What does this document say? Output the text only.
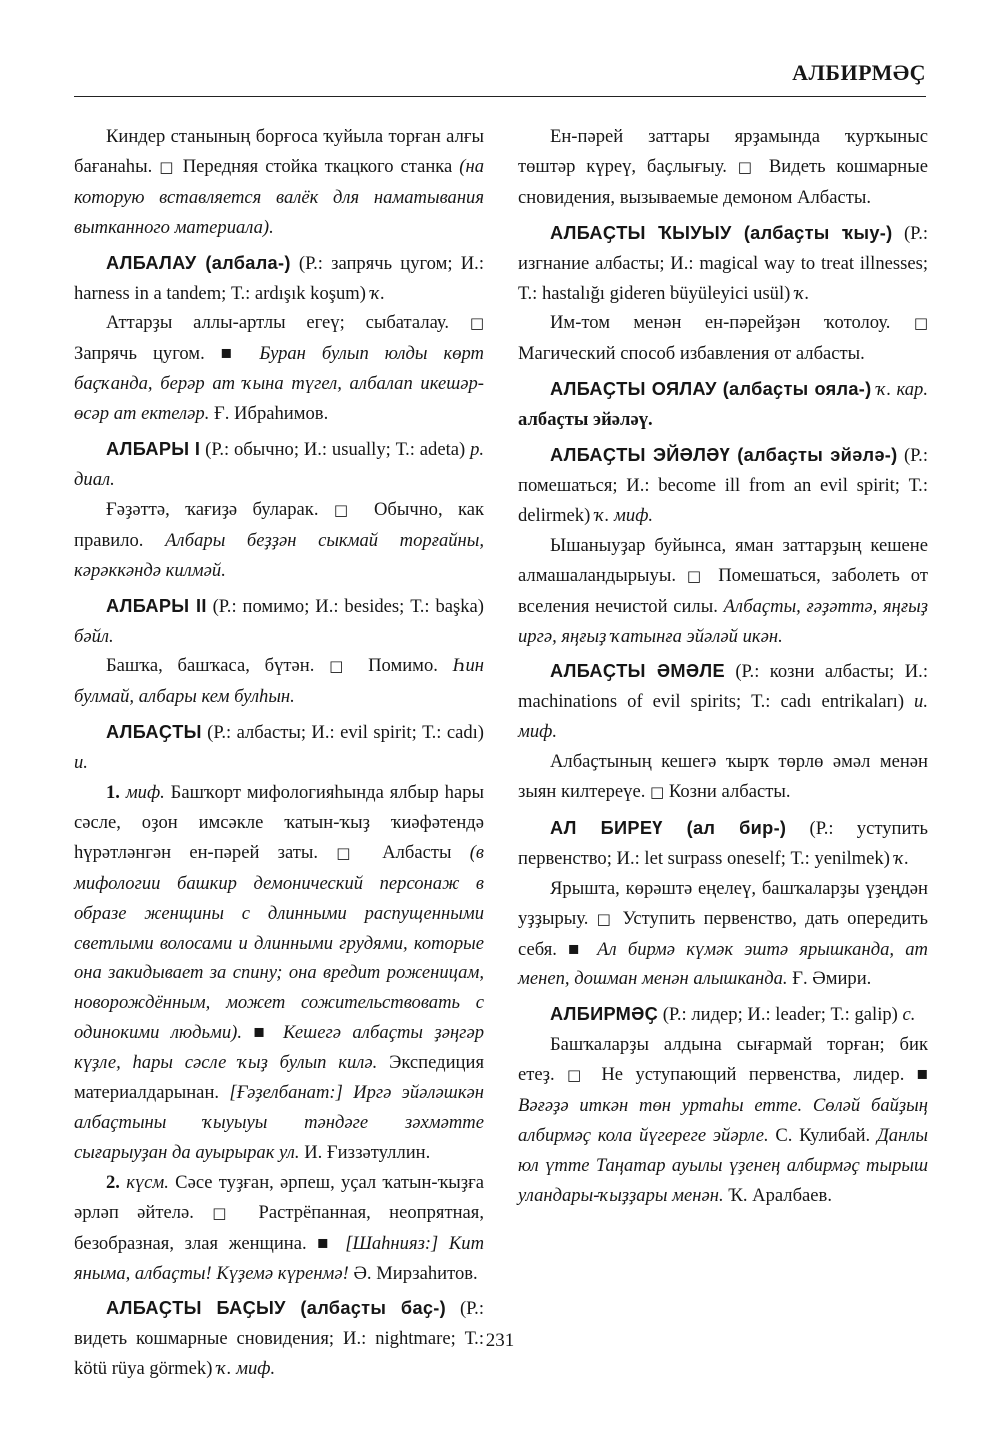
АЛБИРМӘҪ

Киндер станының борғоса ҡуйыла торған алғы бағанаһы. □ Передняя стойка ткацкого станка (на которую вставляется валёк для наматывания вытканного материала).

АЛБАЛАУ (албала-) (Р.: запрячь цугом; И.: harness in a tandem; Т.: ardışık koşum) ҡ.

Аттарҙы аллы-артлы егеү; сыбаталау. □ Запрячь цугом. ■ Буран булып юлды көрт баҫҡанда, берәр ат ҡына түгел, албалап икешәр-өсәр ат ектеләр. Ғ. Ибраһимов.

АЛБАРЫ I (Р.: обычно; И.: usually; Т.: adeta) р. диал.

Ғәҙәттә, ҡағиҙә буларак. □ Обычно, как правило. Албары беҙҙән сыкмай торғайны, кәрәккәндә килмәй.

АЛБАРЫ II (Р.: помимо; И.: besides; Т.: başka) бәйл.

Башҡа, башҡаса, бүтән. □ Помимо. Һин булмай, албары кем булһын.

АЛБАҪТЫ (Р.: албасты; И.: evil spirit; Т.: cadı) и.

1. миф. Башҡорт мифологияһында ялбыр һары сәсле, оҙон имсәкле ҡатын-ҡыҙ ҡиәфәтендә һүрәтләнгән ен-пәрей заты. □ Албасты (в мифологии башкир демонический персонаж в образе женщины с длинными распущенными светлыми волосами и длинными грудями, которые она закидывает за спину; она вредит роженицам, новорождённым, может сожительствовать с одинокими людьми). ■ Кешегә албаҫты ҙәңгәр күҙле, һары сәсле ҡыҙ булып килә. Экспедиция материалдарынан. [Ғәҙелбанат:] Иргә эйәләшкән албаҫтыны ҡыуыуы тәндәге зәхмәтте сығарыуҙан да ауырырак ул. И. Ғиззәтуллин.

2. күсм. Сәсе туҙған, әрпеш, уҫал ҡатын-ҡыҙға әрләп әйтелә. □ Растрёпанная, неопрятная, безобразная, злая женщина. ■ [Шаһнияз:] Кит яныма, албаҫты! Күҙемә күренмә! Ә. Мирзаһитов.

АЛБАҪТЫ БАҪЫУ (албаҫты баҫ-) (Р.: видеть кошмарные сновидения; И.: nightmare; Т.: kötü rüya görmek) ҡ. миф.

Ен-пәрей заттары ярҙамында ҡурҡыныс төштәр күреү, баҫлығыу. □ Видеть кошмарные сновидения, вызываемые демоном Албасты.

АЛБАҪТЫ ҠЫУЫУ (албаҫты ҡыу-) (Р.: изгнание албасты; И.: magical way to treat illnesses; Т.: hastalığı gideren büyüleyici usül) ҡ.

Им-том менән ен-пәрейҙән ҡотолоу. □ Магический способ избавления от албасты.

АЛБАҪТЫ ОЯЛАУ (албаҫты ояла-) ҡ. кар. албаҫты эйәләү.

АЛБАҪТЫ ЭЙӘЛӘҮ (албаҫты эйәлә-) (Р.: помешаться; И.: become ill from an evil spirit; Т.: delirmek) ҡ. миф.

Ышаныуҙар буйынса, яман заттарҙың кешене алмашаландырыуы. □ Помешаться, заболеть от вселения нечистой силы. Албаҫты, ғәҙәттә, яңғыҙ иргә, яңғыҙ ҡатынға эйәләй икән.

АЛБАҪТЫ ӘМӘЛЕ (Р.: козни албасты; И.: machinations of evil spirits; Т.: cadı entrikaları) и. миф.

Албаҫтының кешегә ҡырҡ төрлө әмәл менән зыян килтереүе. □ Козни албасты.

АЛ БИРЕҮ (ал бир-) (Р.: уступить первенство; И.: let surpass oneself; Т.: yenilmek) ҡ.

Ярышта, көрәштә еңелеү, башҡаларҙы үҙеңдән уҙҙырыу. □ Уступить первенство, дать опередить себя. ■ Ал бирмә күмәк эштә ярышканда, ат менеп, дошман менән алышканда. Ғ. Әмири.

АЛБИРМӘҪ (Р.: лидер; И.: leader; Т.: galip) с.

Башҡаларҙы алдына сығармай торған; бик етеҙ. □ Не уступающий первенства, лидер. ■ Вәғәҙә иткән төн уртаһы етте. Сөләй байҙың албирмәҫ кола йүгереге эйәрле. С. Кулибай. Данлы юл үтте Таңатар ауылы үҙенең албирмәҫ тырыш уландары-ҡыҙҙары менән. Ҡ. Аралбаев.

231
